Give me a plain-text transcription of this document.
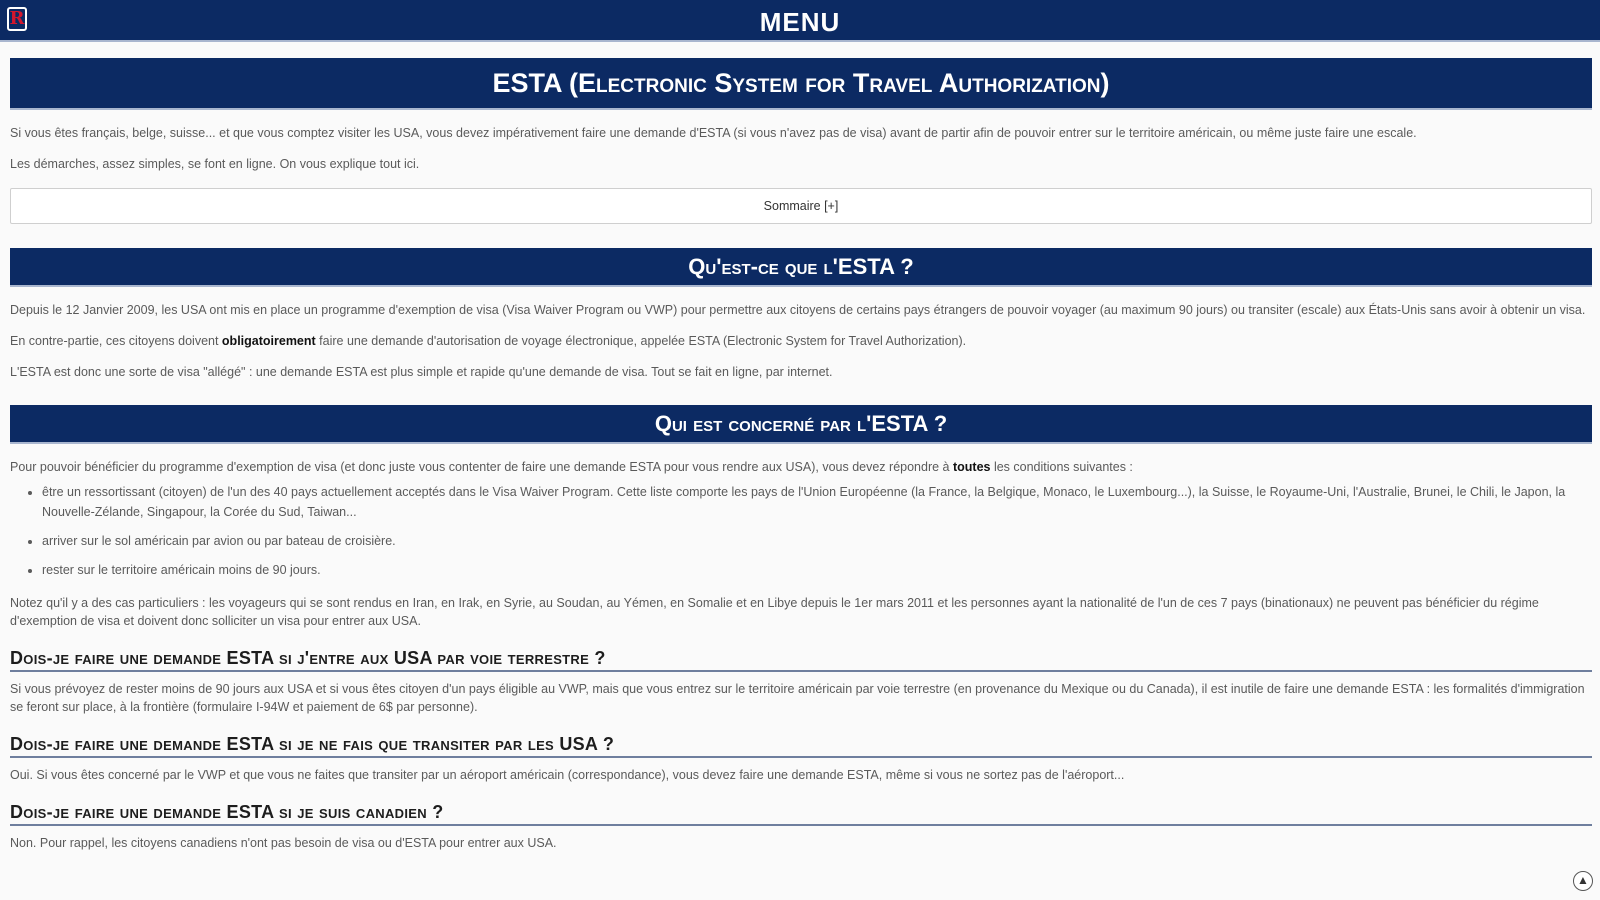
R	MENU
ESTA (Electronic System for Travel Authorization)

Si vous êtes français, belge, suisse... et que vous comptez visiter les USA, vous devez impérativement faire une demande d'ESTA (si vous n'avez pas de visa) avant de partir afin de pouvoir entrer sur le territoire américain, ou même juste faire une escale.

Les démarches, assez simples, se font en ligne. On vous explique tout ici.

Sommaire [+]
Qu'est-ce que l'ESTA ?

Depuis le 12 Janvier 2009, les USA ont mis en place un programme d'exemption de visa (Visa Waiver Program ou VWP) pour permettre aux citoyens de certains pays étrangers de pouvoir voyager (au maximum 90 jours) ou transiter (escale) aux États-Unis sans avoir à obtenir un visa.

En contre-partie, ces citoyens doivent obligatoirement faire une demande d'autorisation de voyage électronique, appelée ESTA (Electronic System for Travel Authorization).

L'ESTA est donc une sorte de visa "allégé" : une demande ESTA est plus simple et rapide qu'une demande de visa. Tout se fait en ligne, par internet.

Qui est concerné par l'ESTA ?

Pour pouvoir bénéficier du programme d'exemption de visa (et donc juste vous contenter de faire une demande ESTA pour vous rendre aux USA), vous devez répondre à toutes les conditions suivantes :

• être un ressortissant (citoyen) de l'un des 40 pays actuellement acceptés dans le Visa Waiver Program. Cette liste comporte les pays de l'Union Européenne (la France, la Belgique, Monaco, le Luxembourg...), la Suisse, le Royaume-Uni, l'Australie, Brunei, le Chili, le Japon, la Nouvelle-Zélande, Singapour, la Corée du Sud, Taiwan...
• arriver sur le sol américain par avion ou par bateau de croisière.
• rester sur le territoire américain moins de 90 jours.

Notez qu'il y a des cas particuliers : les voyageurs qui se sont rendus en Iran, en Irak, en Syrie, au Soudan, au Yémen, en Somalie et en Libye depuis le 1er mars 2011 et les personnes ayant la nationalité de l'un de ces 7 pays (binationaux) ne peuvent pas bénéficier du régime d'exemption de visa et doivent donc solliciter un visa pour entrer aux USA.

Dois-je faire une demande ESTA si j'entre aux USA par voie terrestre ?

Si vous prévoyez de rester moins de 90 jours aux USA et si vous êtes citoyen d'un pays éligible au VWP, mais que vous entrez sur le territoire américain par voie terrestre (en provenance du Mexique ou du Canada), il est inutile de faire une demande ESTA : les formalités d'immigration se feront sur place, à la frontière (formulaire I-94W et paiement de 6$ par personne).

Dois-je faire une demande ESTA si je ne fais que transiter par les USA ?

Oui. Si vous êtes concerné par le VWP et que vous ne faites que transiter par un aéroport américain (correspondance), vous devez faire une demande ESTA, même si vous ne sortez pas de l'aéroport...

Dois-je faire une demande ESTA si je suis canadien ?

Non. Pour rappel, les citoyens canadiens n'ont pas besoin de visa ou d'ESTA pour entrer aux USA.

▲
